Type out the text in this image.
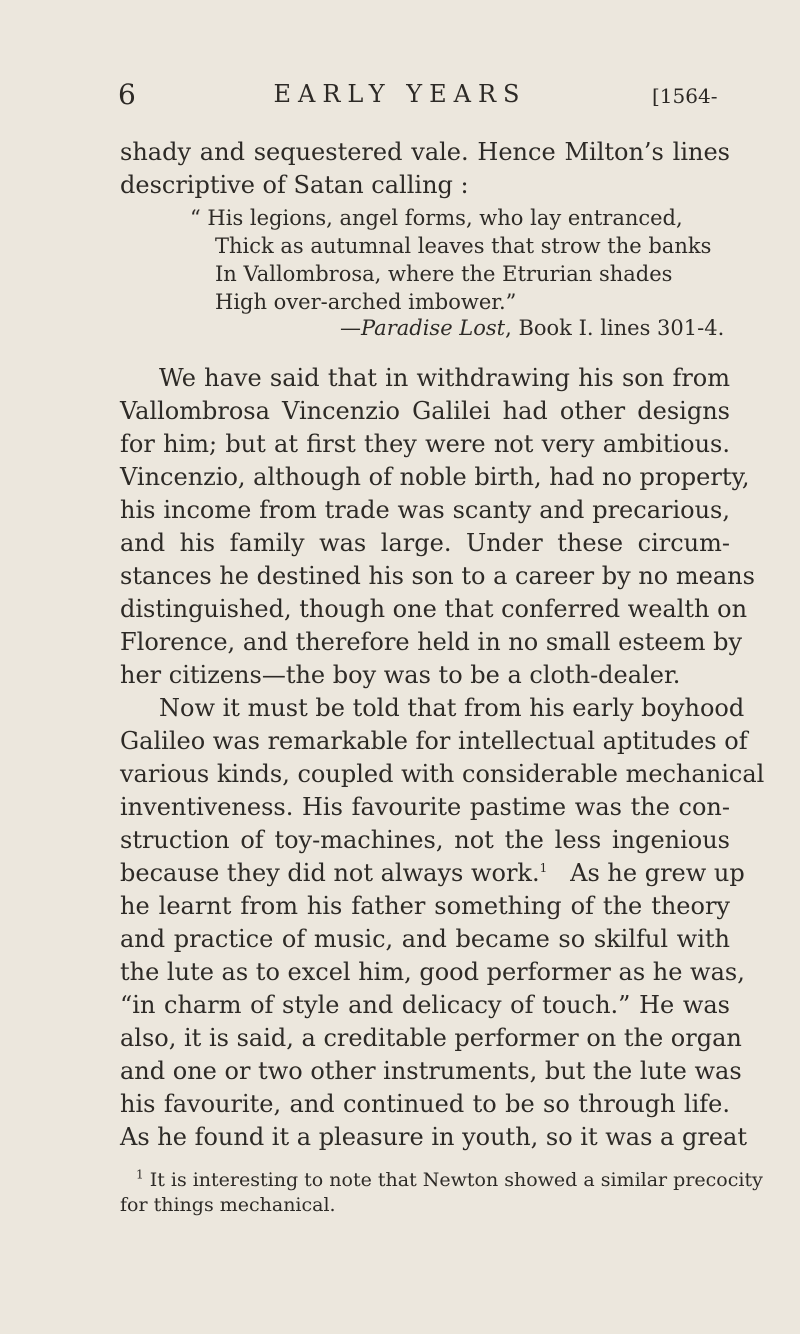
6	EARLY YEARS	[1564-
shady and sequestered vale. Hence Milton’s lines
descriptive of Satan calling :
“ His legions, angel forms, who lay entranced,
Thick as autumnal leaves that strow the banks
In Vallombrosa, where the Etrurian shades
High over-arched imbower.”
—Paradise Lost, Book I. lines 301-4.
We have said that in withdrawing his son from
Vallombrosa Vincenzio Galilei had other designs
for him; but at first they were not very ambitious.
Vincenzio, although of noble birth, had no property,
his income from trade was scanty and precarious,
and his family was large. Under these circum-
stances he destined his son to a career by no means
distinguished, though one that conferred wealth on
Florence, and therefore held in no small esteem by
her citizens—the boy was to be a cloth-dealer.
Now it must be told that from his early boyhood
Galileo was remarkable for intellectual aptitudes of
various kinds, coupled with considerable mechanical
inventiveness. His favourite pastime was the con-
struction of toy-machines, not the less ingenious
because they did not always work.$^1$ As he grew up
he learnt from his father something of the theory
and practice of music, and became so skilful with
the lute as to excel him, good performer as he was,
“in charm of style and delicacy of touch.” He was
also, it is said, a creditable performer on the organ
and one or two other instruments, but the lute was
his favourite, and continued to be so through life.
As he found it a pleasure in youth, so it was a great
$^1$ It is interesting to note that Newton showed a similar precocity
for things mechanical.
